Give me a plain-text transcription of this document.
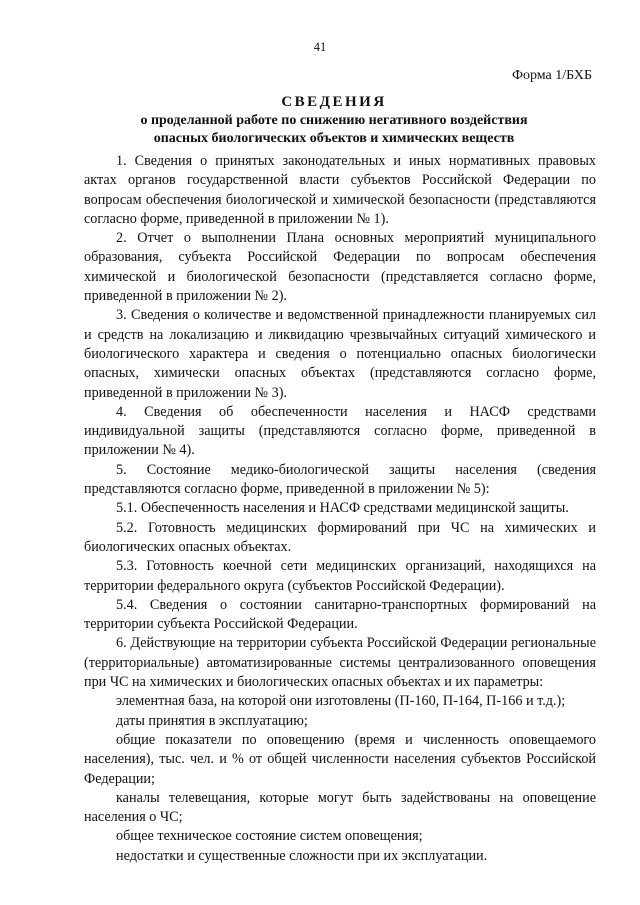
41
Форма 1/БХБ
СВЕДЕНИЯ
о проделанной работе по снижению негативного воздействия
опасных биологических объектов и химических веществ

1. Сведения о принятых законодательных и иных нормативных правовых актах органов государственной власти субъектов Российской Федерации по вопросам обеспечения биологической и химической безопасности (представляются согласно форме, приведенной в приложении № 1).

2. Отчет о выполнении Плана основных мероприятий муниципального образования, субъекта Российской Федерации по вопросам обеспечения химической и биологической безопасности (представляется согласно форме, приведенной в приложении № 2).

3. Сведения о количестве и ведомственной принадлежности планируемых сил и средств на локализацию и ликвидацию чрезвычайных ситуаций химического и биологического характера и сведения о потенциально опасных биологически опасных, химически опасных объектах (представляются согласно форме, приведенной в приложении № 3).

4. Сведения об обеспеченности населения и НАСФ средствами индивидуальной защиты (представляются согласно форме, приведенной в приложении № 4).

5. Состояние медико-биологической защиты населения (сведения представляются согласно форме, приведенной в приложении № 5):

5.1. Обеспеченность населения и НАСФ средствами медицинской защиты.

5.2. Готовность медицинских формирований при ЧС на химических и биологических опасных объектах.

5.3. Готовность коечной сети медицинских организаций, находящихся на территории федерального округа (субъектов Российской Федерации).

5.4. Сведения о состоянии санитарно-транспортных формирований на территории субъекта Российской Федерации.

6. Действующие на территории субъекта Российской Федерации региональные (территориальные) автоматизированные системы централизованного оповещения при ЧС на химических и биологических опасных объектах и их параметры:

элементная база, на которой они изготовлены (П-160, П-164, П-166 и т.д.);

даты принятия в эксплуатацию;

общие показатели по оповещению (время и численность оповещаемого населения), тыс. чел. и % от общей численности населения субъектов Российской Федерации;

каналы телевещания, которые могут быть задействованы на оповещение населения о ЧС;

общее техническое состояние систем оповещения;

недостатки и существенные сложности при их эксплуатации.
